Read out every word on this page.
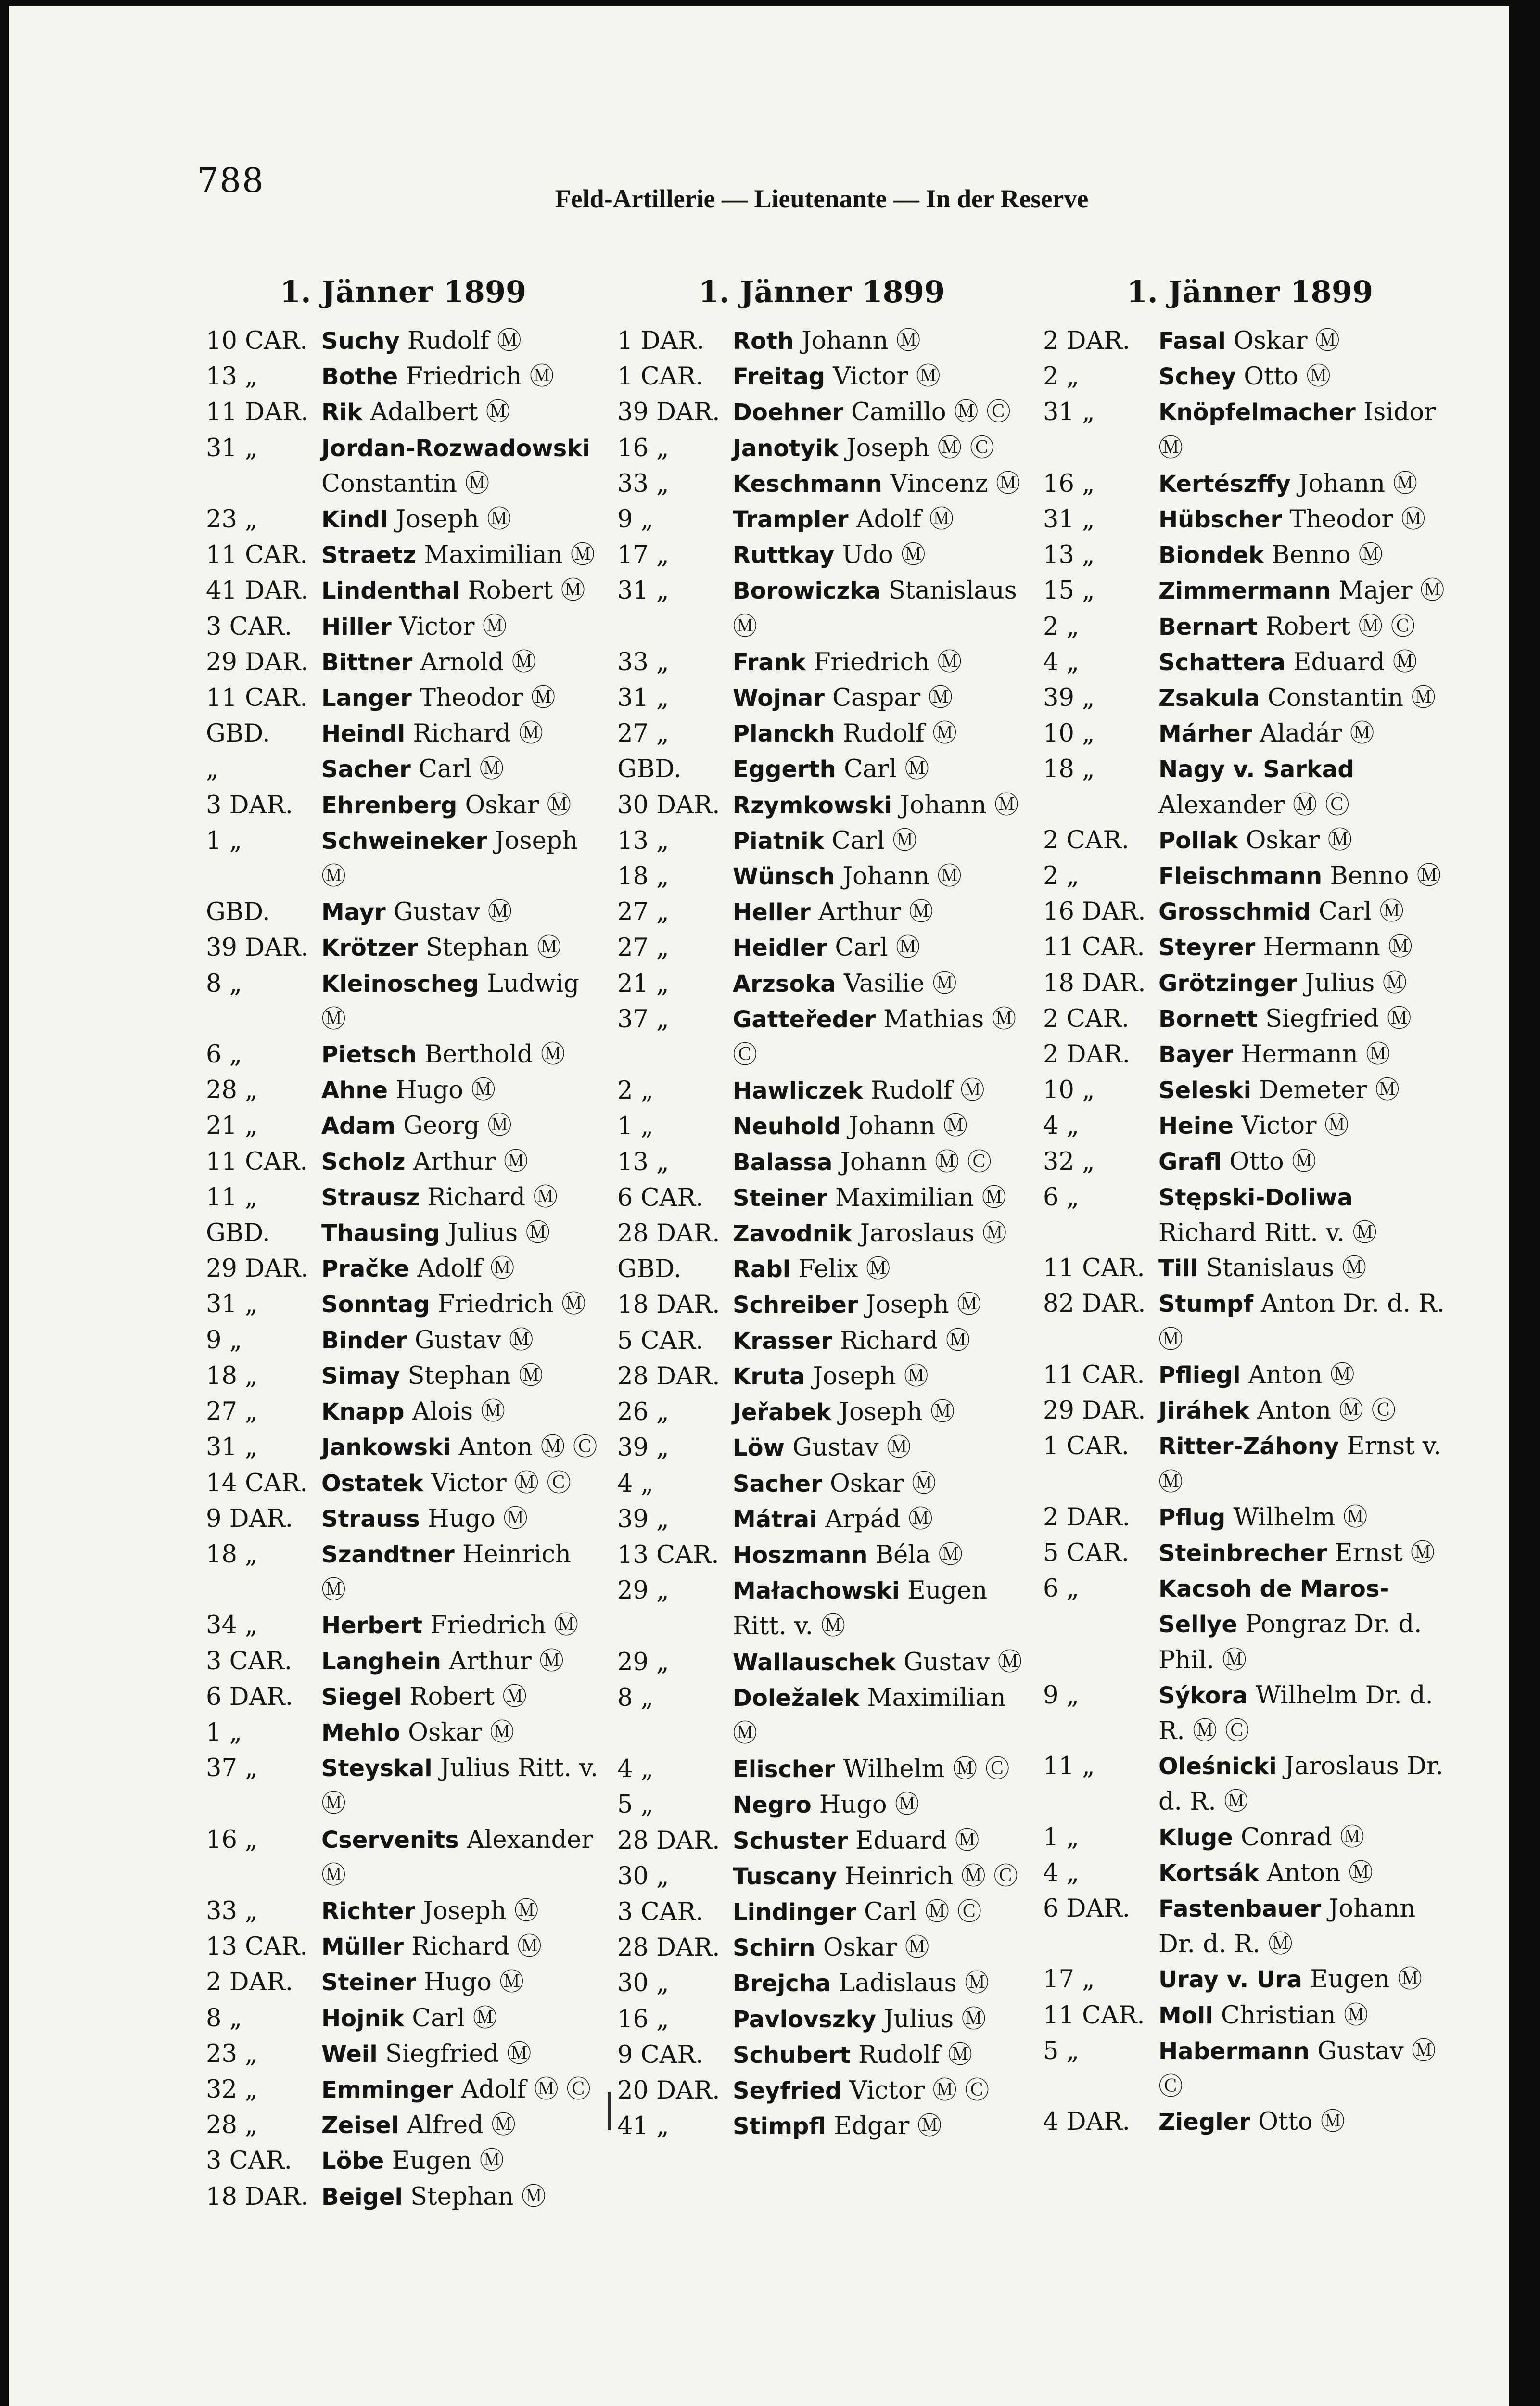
788	Feld-Artillerie — Lieutenante — In der Reserve
1. Jänner 1899
10 CAR. Suchy Rudolf Ⓜ
13 „	Bothe Friedrich Ⓜ
11 DAR. Rik Adalbert Ⓜ
31 „	Jordan-Rozwadowski
Constantin Ⓜ
23 „	Kindl Joseph Ⓜ
11 CAR. Straetz Maximilian Ⓜ
41 DAR. Lindenthal Robert Ⓜ
3 CAR.	Hiller Victor Ⓜ
29 DAR. Bittner Arnold Ⓜ
11 CAR. Langer Theodor Ⓜ
GBD.	Heindl Richard Ⓜ
„	Sacher Carl Ⓜ
3 DAR.	Ehrenberg Oskar Ⓜ
1 „	Schweineker Joseph
Ⓜ
GBD.	Mayr Gustav Ⓜ
39 DAR. Krötzer Stephan Ⓜ
8 „	Kleinoscheg Ludwig Ⓜ
6 „	Pietsch Berthold Ⓜ
28 „	Ahne Hugo Ⓜ
21 „	Adam Georg Ⓜ
11 CAR. Scholz Arthur Ⓜ
11 „	Strausz Richard Ⓜ
GBD.	Thausing Julius Ⓜ
29 DAR. Pračke Adolf Ⓜ
31 „	Sonntag Friedrich Ⓜ
9 „	Binder Gustav Ⓜ
18 „	Simay Stephan Ⓜ
27 „	Knapp Alois Ⓜ
31 „	Jankowski Anton Ⓜ Ⓒ
14 CAR. Ostatek Victor Ⓜ Ⓒ
9 DAR.	Strauss Hugo Ⓜ
18 „	Szandtner Heinrich Ⓜ
34 „	Herbert Friedrich Ⓜ
3 CAR.	Langhein Arthur Ⓜ
6 DAR.	Siegel Robert Ⓜ
1 „	Mehlo Oskar Ⓜ
37 „	Steyskal Julius Ritt. v.
Ⓜ
16 „	Cservenits Alexander
Ⓜ
33 „	Richter Joseph Ⓜ
13 CAR. Müller Richard Ⓜ
2 DAR.	Steiner Hugo Ⓜ
8 „	Hojnik Carl Ⓜ
23 „	Weil Siegfried Ⓜ
32 „	Emminger Adolf Ⓜ Ⓒ
28 „	Zeisel Alfred Ⓜ
3 CAR.	Löbe Eugen Ⓜ
18 DAR. Beigel Stephan Ⓜ
1. Jänner 1899
1 DAR.	Roth Johann Ⓜ
1 CAR.	Freitag Victor Ⓜ
39 DAR. Doehner Camillo Ⓜ Ⓒ
16 „	Janotyik Joseph Ⓜ Ⓒ
33 „	Keschmann Vincenz Ⓜ
9 „	Trampler Adolf Ⓜ
17 „	Ruttkay Udo Ⓜ
31 „	Borowiczka Stanislaus
Ⓜ
33 „	Frank Friedrich Ⓜ
31 „	Wojnar Caspar Ⓜ
27 „	Planckh Rudolf Ⓜ
GBD.	Eggerth Carl Ⓜ
30 DAR. Rzymkowski Johann Ⓜ
13 „	Piatnik Carl Ⓜ
18 „	Wünsch Johann Ⓜ
27 „	Heller Arthur Ⓜ
27 „	Heidler Carl Ⓜ
21 „	Arzsoka Vasilie Ⓜ
37 „	Gatteředer Mathias Ⓜ
Ⓒ
2 „	Hawliczek Rudolf Ⓜ
1 „	Neuhold Johann Ⓜ
13 „	Balassa Johann Ⓜ Ⓒ
6 CAR.	Steiner Maximilian Ⓜ
28 DAR. Zavodnik Jaroslaus Ⓜ
GBD.	Rabl Felix Ⓜ
18 DAR. Schreiber Joseph Ⓜ
5 CAR.	Krasser Richard Ⓜ
28 DAR. Kruta Joseph Ⓜ
26 „	Jeřabek Joseph Ⓜ
39 „	Löw Gustav Ⓜ
4 „	Sacher Oskar Ⓜ
39 „	Mátrai Arpád Ⓜ
13 CAR. Hoszmann Béla Ⓜ
29 „	Małachowski Eugen
Ritt. v. Ⓜ
29 „	Wallauschek Gustav Ⓜ
8 „	Doležalek Maximilian
Ⓜ
4 „	Elischer Wilhelm Ⓜ Ⓒ
5 „	Negro Hugo Ⓜ
28 DAR. Schuster Eduard Ⓜ
30 „	Tuscany Heinrich Ⓜ Ⓒ
3 CAR.	Lindinger Carl Ⓜ Ⓒ
28 DAR. Schirn Oskar Ⓜ
30 „	Brejcha Ladislaus Ⓜ
16 „	Pavlovszky Julius Ⓜ
9 CAR.	Schubert Rudolf Ⓜ
20 DAR. Seyfried Victor Ⓜ Ⓒ
41 „	Stimpfl Edgar Ⓜ
1. Jänner 1899
2 DAR.	Fasal Oskar Ⓜ
2 „	Schey Otto Ⓜ
31 „	Knöpfelmacher Isidor
Ⓜ
16 „	Kertészffy Johann Ⓜ
31 „	Hübscher Theodor Ⓜ
13 „	Biondek Benno Ⓜ
15 „	Zimmermann Majer Ⓜ
2 „	Bernart Robert Ⓜ Ⓒ
4 „	Schattera Eduard Ⓜ
39 „	Zsakula Constantin Ⓜ
10 „	Márher Aladár Ⓜ
18 „	Nagy v. Sarkad Alexander Ⓜ Ⓒ
2 CAR.	Pollak Oskar Ⓜ
2 „	Fleischmann Benno Ⓜ
16 DAR. Grosschmid Carl Ⓜ
11 CAR. Steyrer Hermann Ⓜ
18 DAR. Grötzinger Julius Ⓜ
2 CAR.	Bornett Siegfried Ⓜ
2 DAR.	Bayer Hermann Ⓜ
10 „	Seleski Demeter Ⓜ
4 „	Heine Victor Ⓜ
32 „	Grafl Otto Ⓜ
6 „	Stępski-Doliwa Richard Ritt. v. Ⓜ
11 CAR. Till Stanislaus Ⓜ
82 DAR. Stumpf Anton Dr. d. R. Ⓜ
11 CAR. Pfliegl Anton Ⓜ
29 DAR. Jiráhek Anton Ⓜ Ⓒ
1 CAR.	Ritter-Záhony Ernst v. Ⓜ
2 DAR.	Pflug Wilhelm Ⓜ
5 CAR.	Steinbrecher Ernst Ⓜ
6 „	Kacsoh de Maros-Sellye Pongraz Dr. d. Phil. Ⓜ
9 „	Sýkora Wilhelm Dr. d. R. Ⓜ Ⓒ
11 „	Oleśnicki Jaroslaus Dr. d. R. Ⓜ
1 „	Kluge Conrad Ⓜ
4 „	Kortsák Anton Ⓜ
6 DAR.	Fastenbauer Johann Dr. d. R. Ⓜ
17 „	Uray v. Ura Eugen Ⓜ
11 CAR. Moll Christian Ⓜ
5 „	Habermann Gustav Ⓜ Ⓒ
4 DAR.	Ziegler Otto Ⓜ
